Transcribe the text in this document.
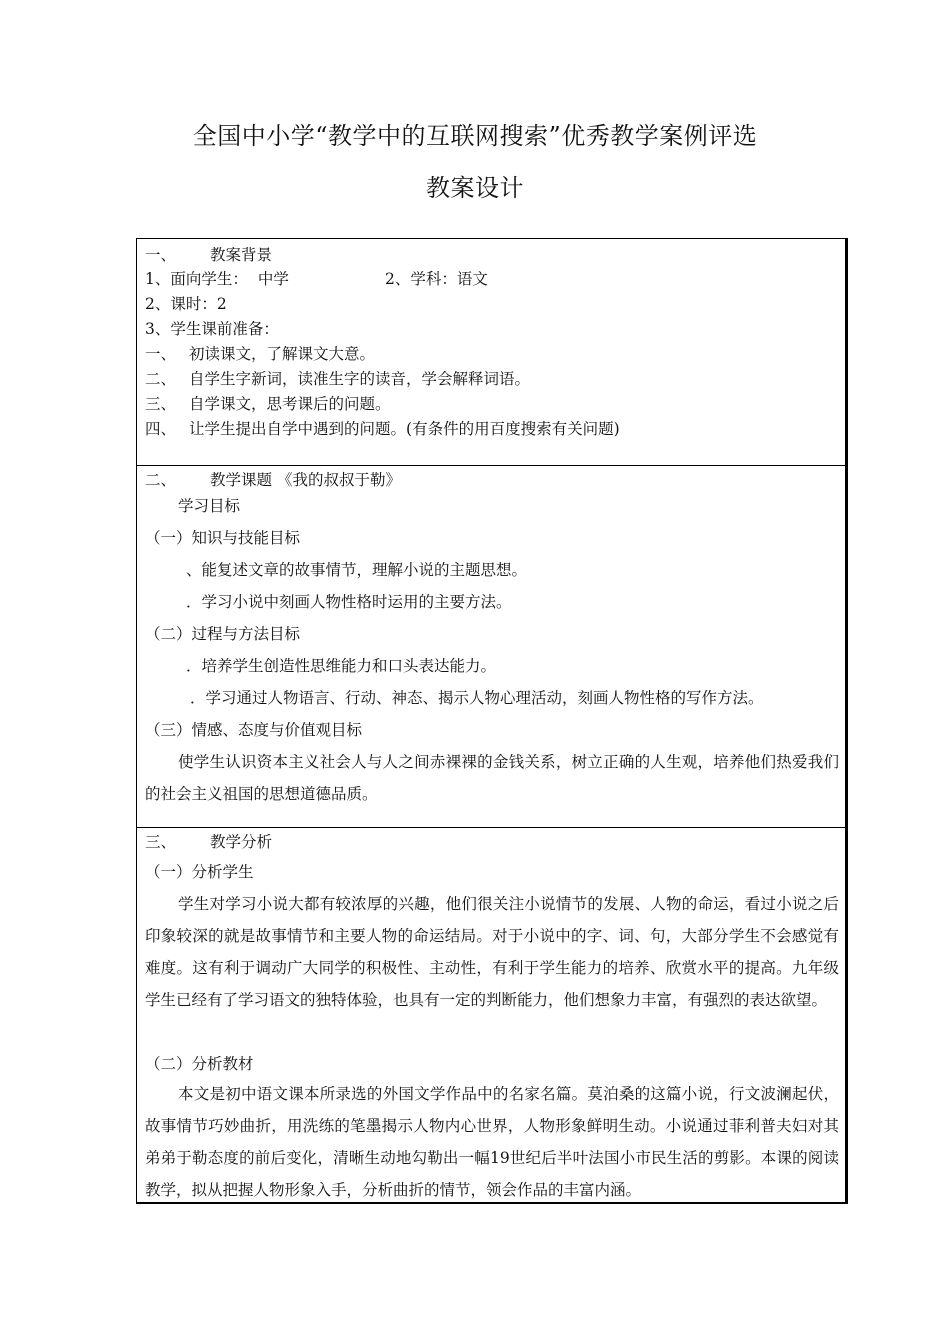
全国中小学“教学中的互联网搜索”优秀教学案例评选
教案设计
一、 教案背景
1、面向学生： 中学	2、学科：语文
2、课时：2
3、学生课前准备：
一、 初读课文，了解课文大意。
二、 自学生字新词，读准生字的读音，学会解释词语。
三、 自学课文，思考课后的问题。
四、 让学生提出自学中遇到的问题。(有条件的用百度搜索有关问题)
二、 教学课题 《我的叔叔于勒》
学习目标
（一）知识与技能目标
、能复述文章的故事情节，理解小说的主题思想。
．学习小说中刻画人物性格时运用的主要方法。
（二）过程与方法目标
．培养学生创造性思维能力和口头表达能力。
．学习通过人物语言、行动、神态、揭示人物心理活动，刻画人物性格的写作方法。
（三）情感、态度与价值观目标
使学生认识资本主义社会人与人之间赤裸裸的金钱关系，树立正确的人生观，培养他们热爱我们的社会主义祖国的思想道德品质。
三、 教学分析
（一）分析学生
学生对学习小说大都有较浓厚的兴趣，他们很关注小说情节的发展、人物的命运，看过小说之后印象较深的就是故事情节和主要人物的命运结局。对于小说中的字、词、句，大部分学生不会感觉有难度。这有利于调动广大同学的积极性、主动性，有利于学生能力的培养、欣赏水平的提高。九年级学生已经有了学习语文的独特体验，也具有一定的判断能力，他们想象力丰富，有强烈的表达欲望。
（二）分析教材
本文是初中语文课本所录选的外国文学作品中的名家名篇。莫泊桑的这篇小说，行文波澜起伏，故事情节巧妙曲折，用洗练的笔墨揭示人物内心世界，人物形象鲜明生动。小说通过菲利普夫妇对其弟弟于勒态度的前后变化，清晰生动地勾勒出一幅19世纪后半叶法国小市民生活的剪影。本课的阅读教学，拟从把握人物形象入手，分析曲折的情节，领会作品的丰富内涵。
